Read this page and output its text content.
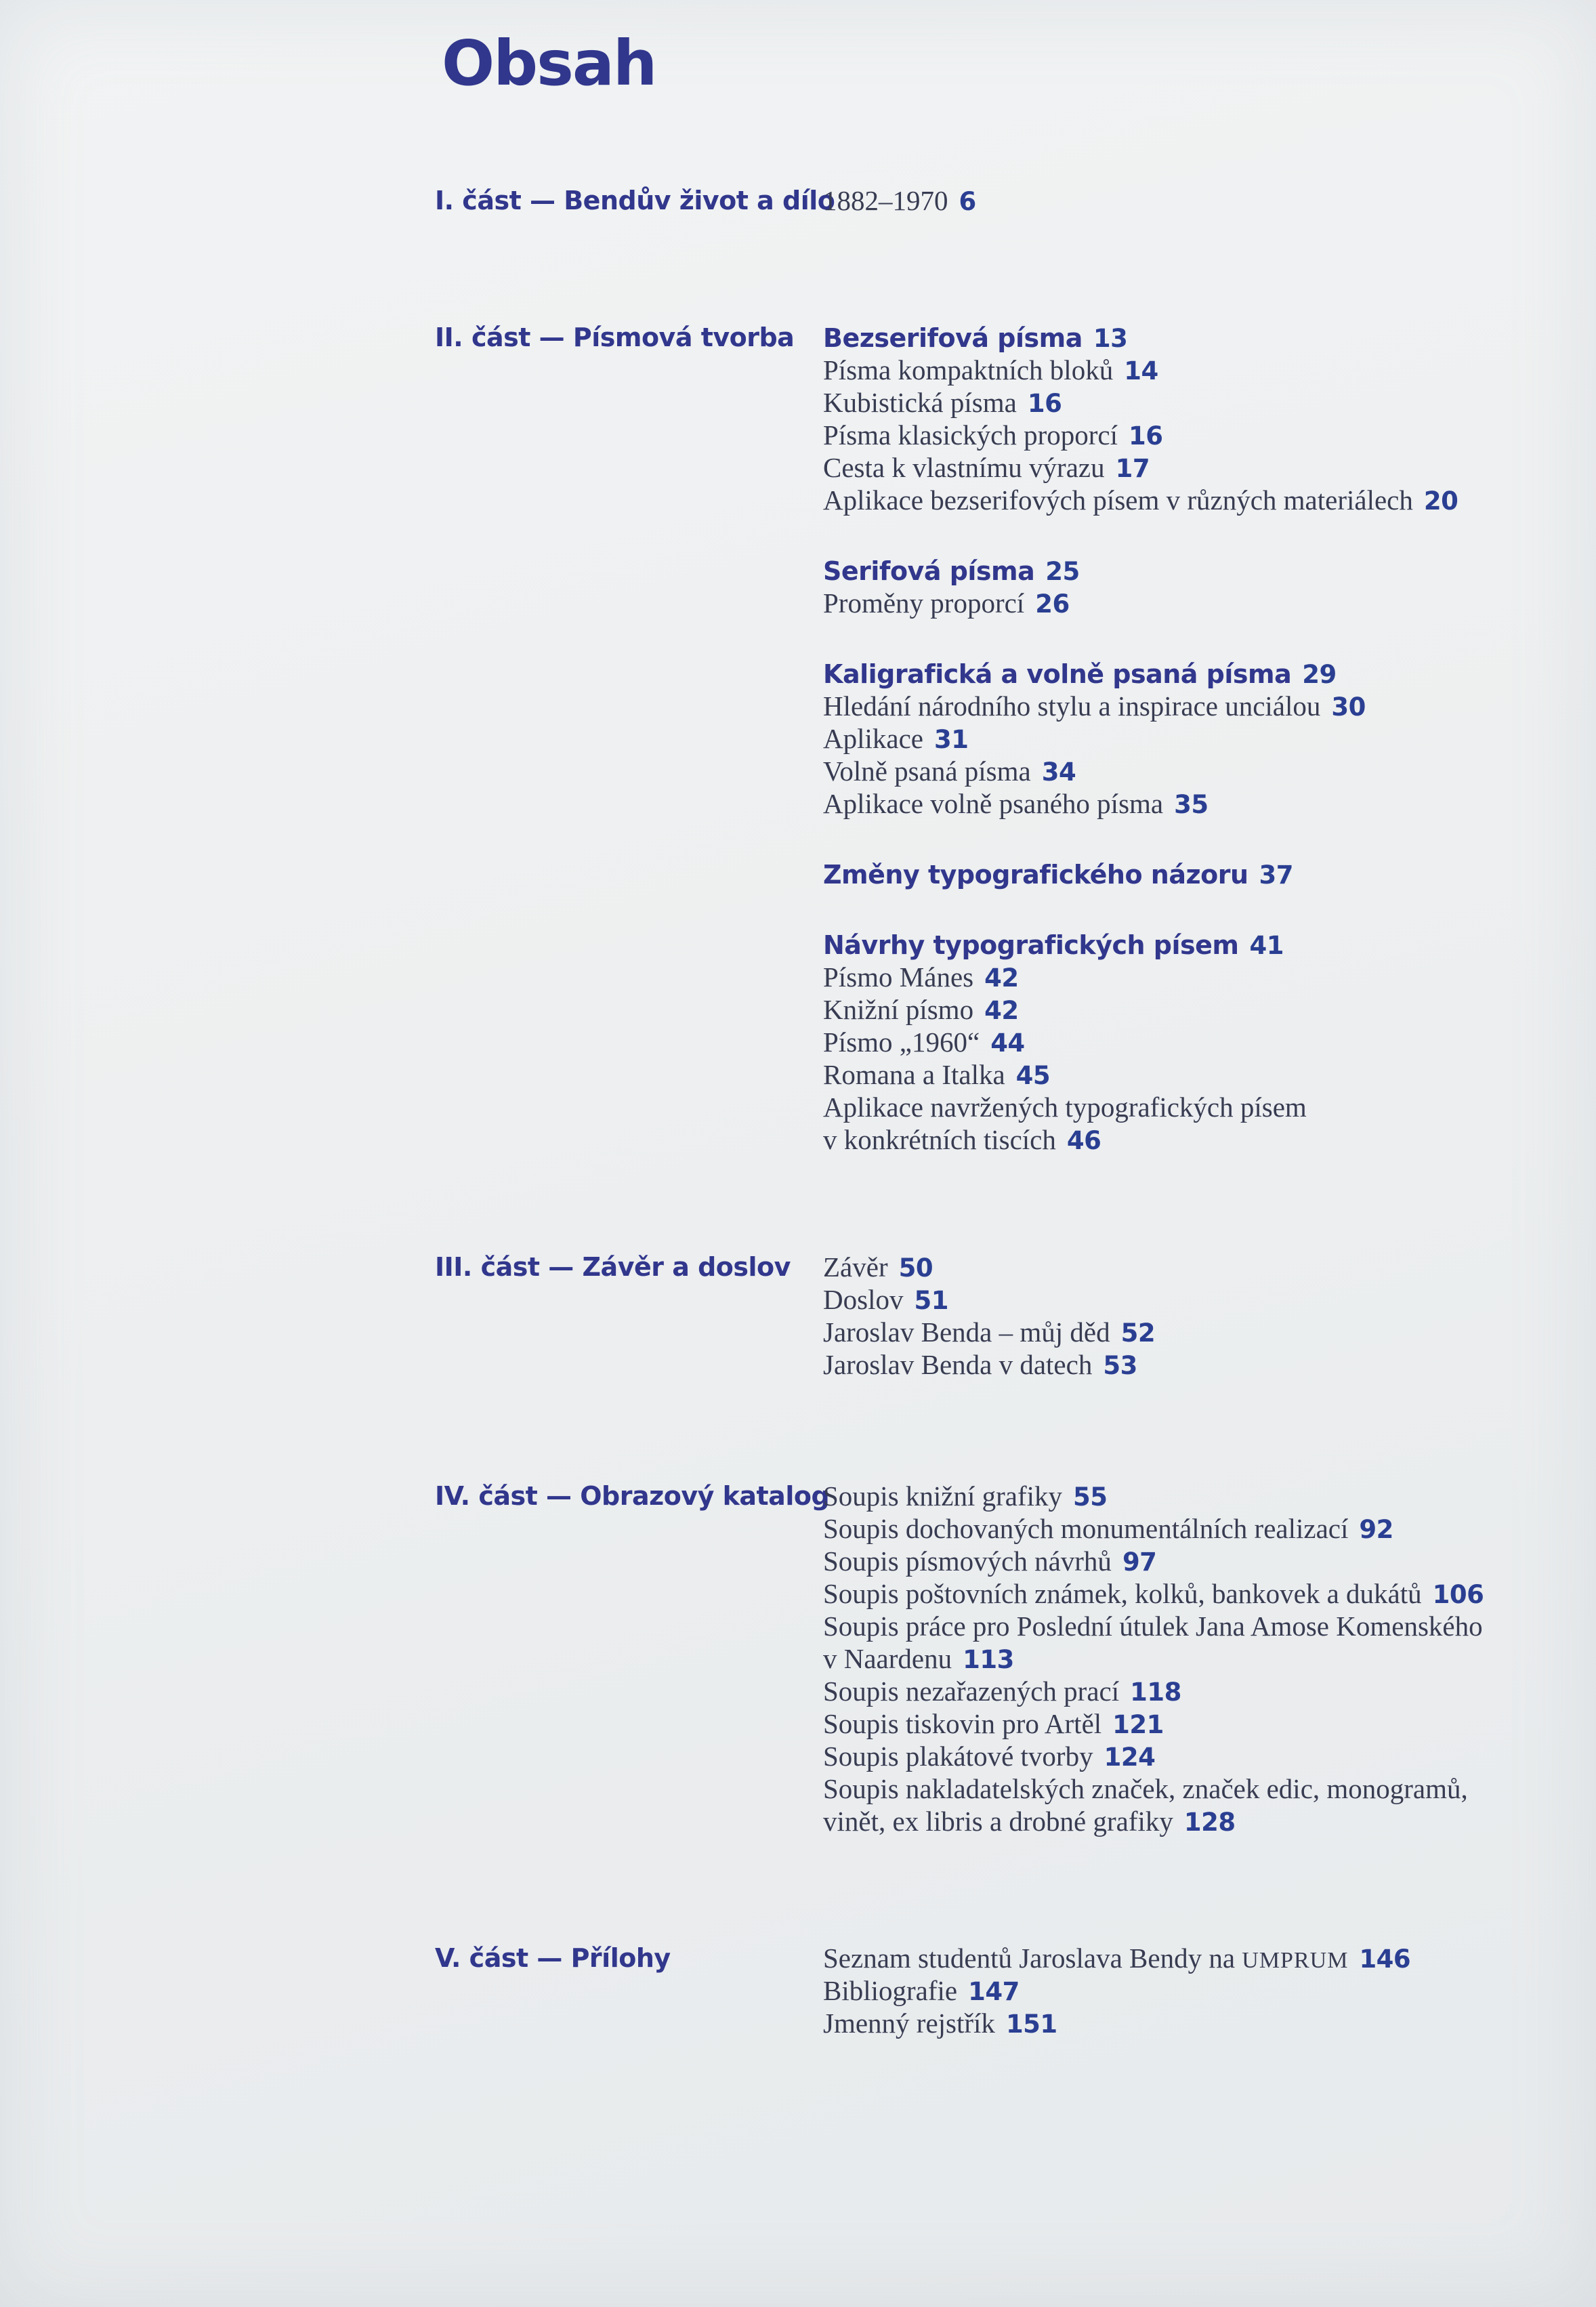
Obsah
I. část — Bendův život a dílo
1882–1970 6
II. část — Písmová tvorba Bezserifová písma 13
Písma kompaktních bloků 14
Kubistická písma 16
Písma klasických proporcí 16
Cesta k vlastnímu výrazu 17
Aplikace bezserifových písem v různých materiálech 20
Serifová písma 25
Proměny proporcí 26
Kaligrafická a volně psaná písma 29
Hledání národního stylu a inspirace unciálou 30
Aplikace 31
Volně psaná písma 34
Aplikace volně psaného písma 35
Změny typografického názoru 37
Návrhy typografických písem 41
Písmo Mánes 42
Knižní písmo 42
Písmo „1960“ 44
Romana a Italka 45
Aplikace navržených typografických písem
v konkrétních tiscích 46
III. část — Závěr a doslov Závěr 50
Doslov 51
Jaroslav Benda – můj děd 52
Jaroslav Benda v datech 53
IV. část — Obrazový katalog
Soupis knižní grafiky 55
Soupis dochovaných monumentálních realizací 92
Soupis písmových návrhů 97
Soupis poštovních známek, kolků, bankovek a dukátů 106
Soupis práce pro Poslední útulek Jana Amose Komenského
v Naardenu 113
Soupis nezařazených prací 118
Soupis tiskovin pro Artěl 121
Soupis plakátové tvorby 124
Soupis nakladatelských značek, značek edic, monogramů,
vinět, ex libris a drobné grafiky 128
V. část — Přílohy	Seznam studentů Jaroslava Bendy na UMPRUM 146
Bibliografie 147
Jmenný rejstřík 151
